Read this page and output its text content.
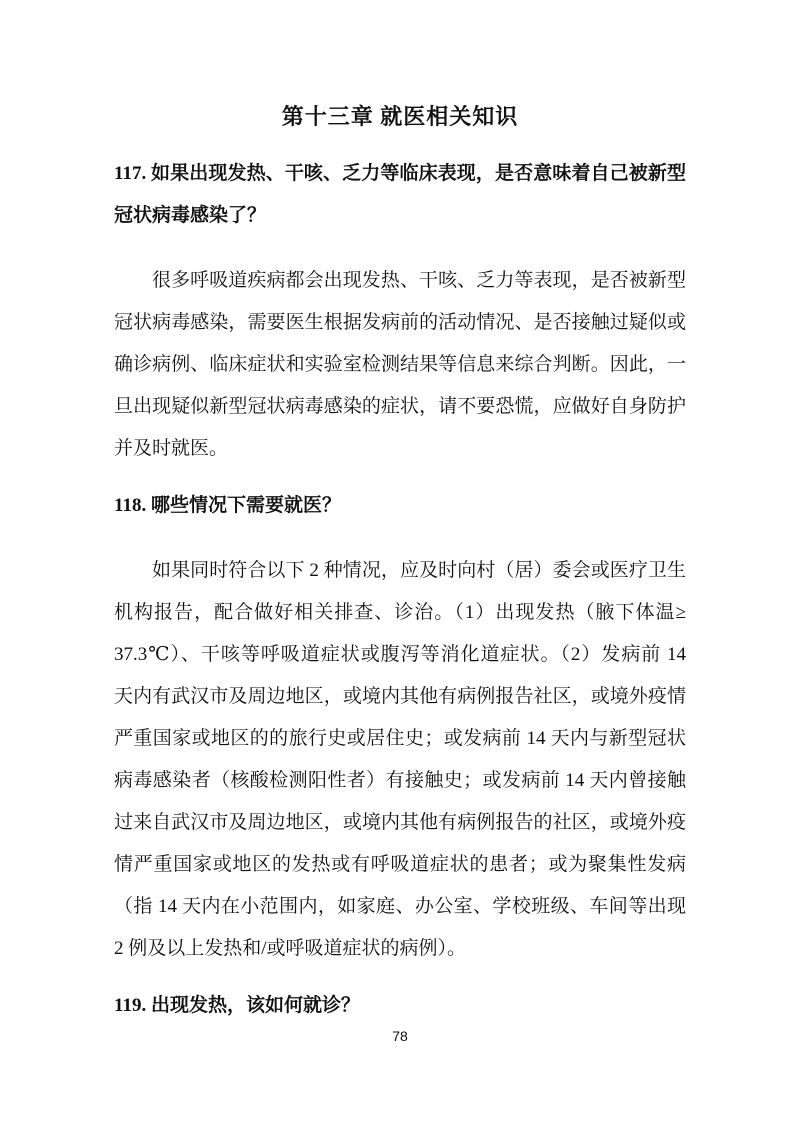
第十三章 就医相关知识
117. 如果出现发热、干咳、乏力等临床表现，是否意味着自己被新型
冠状病毒感染了？
很多呼吸道疾病都会出现发热、干咳、乏力等表现，是否被新型
冠状病毒感染，需要医生根据发病前的活动情况、是否接触过疑似或
确诊病例、临床症状和实验室检测结果等信息来综合判断。因此，一
旦出现疑似新型冠状病毒感染的症状，请不要恐慌，应做好自身防护
并及时就医。
118. 哪些情况下需要就医？
如果同时符合以下 2 种情况，应及时向村（居）委会或医疗卫生
机构报告，配合做好相关排查、诊治。（1）出现发热（腋下体温≥
37.3℃）、干咳等呼吸道症状或腹泻等消化道症状。（2）发病前 14
天内有武汉市及周边地区，或境内其他有病例报告社区，或境外疫情
严重国家或地区的的旅行史或居住史；或发病前 14 天内与新型冠状
病毒感染者（核酸检测阳性者）有接触史；或发病前 14 天内曾接触
过来自武汉市及周边地区，或境内其他有病例报告的社区，或境外疫
情严重国家或地区的发热或有呼吸道症状的患者；或为聚集性发病
（指 14 天内在小范围内，如家庭、办公室、学校班级、车间等出现
2 例及以上发热和/或呼吸道症状的病例）。
119. 出现发热，该如何就诊？
78
